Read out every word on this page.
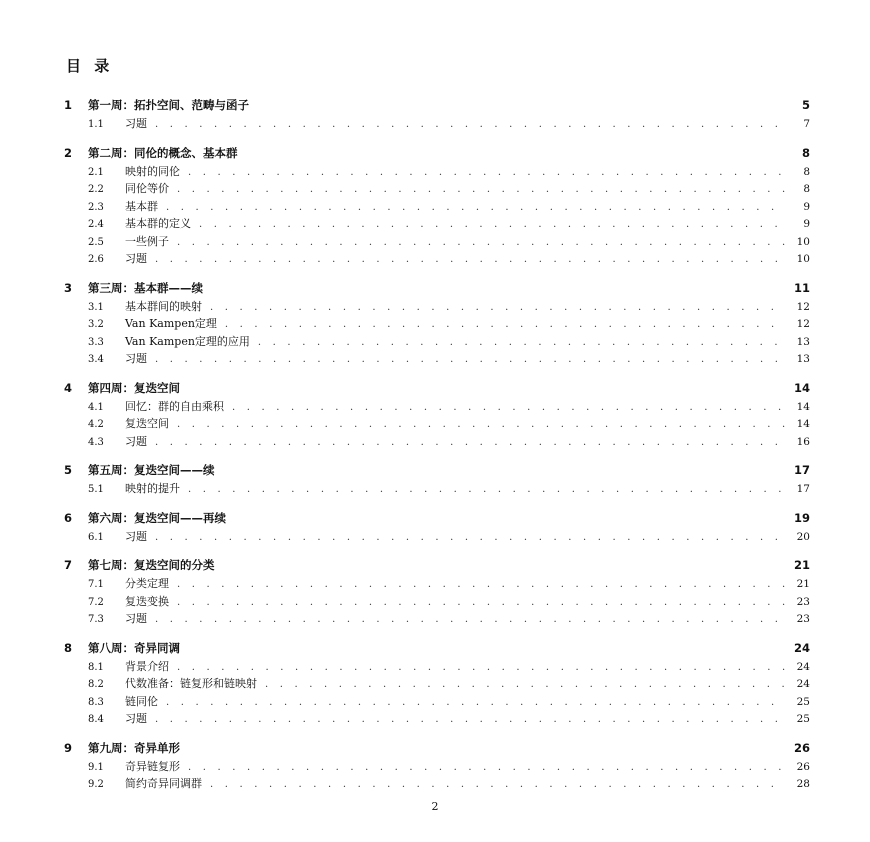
目 录
1	第一周：拓扑空间、范畴与函子	5
1.1	习题 . . .	7
2	第二周：同伦的概念、基本群	8
2.1	映射的同伦 . . .	8
2.2	同伦等价 . . .	8
2.3	基本群 . . .	9
2.4	基本群的定义 . . .	9
2.5	一些例子 . . .	10
2.6	习题 . . .	10
3	第三周：基本群——续	11
3.1	基本群间的映射 . . .	12
3.2	Van Kampen定理 . . .	12
3.3	Van Kampen定理的应用 . . .	13
3.4	习题 . . .	13
4	第四周：复迭空间	14
4.1	回忆：群的自由乘积 . . .	14
4.2	复迭空间 . . .	14
4.3	习题 . . .	16
5	第五周：复迭空间——续	17
5.1	映射的提升 . . .	17
6	第六周：复迭空间——再续	19
6.1	习题 . . .	20
7	第七周：复迭空间的分类	21
7.1	分类定理 . . .	21
7.2	复迭变换 . . .	23
7.3	习题 . . .	23
8	第八周：奇异同调	24
8.1	背景介绍 . . .	24
8.2	代数准备：链复形和链映射 . . .	24
8.3	链同伦 . . .	25
8.4	习题 . . .	25
9	第九周：奇异单形	26
9.1	奇异链复形 . . .	26
9.2	简约奇异同调群 . . .	28
2
